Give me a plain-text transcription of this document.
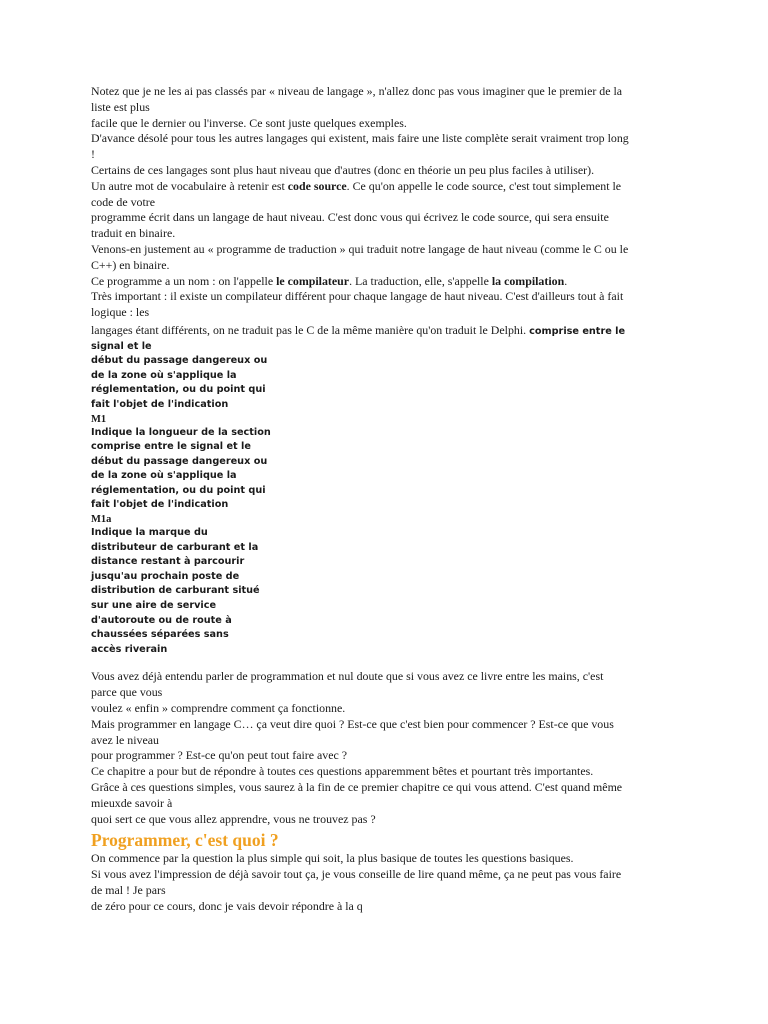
Notez que je ne les ai pas classés par « niveau de langage », n'allez donc pas vous imaginer que le premier de la

liste est plus

facile que le dernier ou l'inverse. Ce sont juste quelques exemples.

D'avance désolé pour tous les autres langages qui existent, mais faire une liste complète serait vraiment trop long

!

Certains de ces langages sont plus haut niveau que d'autres (donc en théorie un peu plus faciles à utiliser).

Un autre mot de vocabulaire à retenir est code source. Ce qu'on appelle le code source, c'est tout simplement le

code de votre

programme écrit dans un langage de haut niveau. C'est donc vous qui écrivez le code source, qui sera ensuite

traduit en binaire.

Venons-en justement au « programme de traduction » qui traduit notre langage de haut niveau (comme le C ou le

C++) en binaire.

Ce programme a un nom : on l'appelle le compilateur. La traduction, elle, s'appelle la compilation.

Très important : il existe un compilateur différent pour chaque langage de haut niveau. C'est d'ailleurs tout à fait

logique : les

langages étant différents, on ne traduit pas le C de la même manière qu'on traduit le Delphi. comprise entre le

signal et le

début du passage dangereux ou

de la zone où s'applique la

réglementation, ou du point qui

fait l'objet de l'indication

M1

Indique la longueur de la section

comprise entre le signal et le

début du passage dangereux ou

de la zone où s'applique la

réglementation, ou du point qui

fait l'objet de l'indication

M1a

Indique la marque du

distributeur de carburant et la

distance restant à parcourir

jusqu'au prochain poste de

distribution de carburant situé

sur une aire de service

d'autoroute ou de route à

chaussées séparées sans

accès riverain

Vous avez déjà entendu parler de programmation et nul doute que si vous avez ce livre entre les mains, c'est

parce que vous

voulez « enfin » comprendre comment ça fonctionne.

Mais programmer en langage C… ça veut dire quoi ? Est-ce que c'est bien pour commencer ? Est-ce que vous

avez le niveau

pour programmer ? Est-ce qu'on peut tout faire avec ?

Ce chapitre a pour but de répondre à toutes ces questions apparemment bêtes et pourtant très importantes.

Grâce à ces questions simples, vous saurez à la fin de ce premier chapitre ce qui vous attend. C'est quand même

mieuxde savoir à

quoi sert ce que vous allez apprendre, vous ne trouvez pas ?

Programmer, c'est quoi ?

On commence par la question la plus simple qui soit, la plus basique de toutes les questions basiques.

Si vous avez l'impression de déjà savoir tout ça, je vous conseille de lire quand même, ça ne peut pas vous faire

de mal ! Je pars

de zéro pour ce cours, donc je vais devoir répondre à la q
